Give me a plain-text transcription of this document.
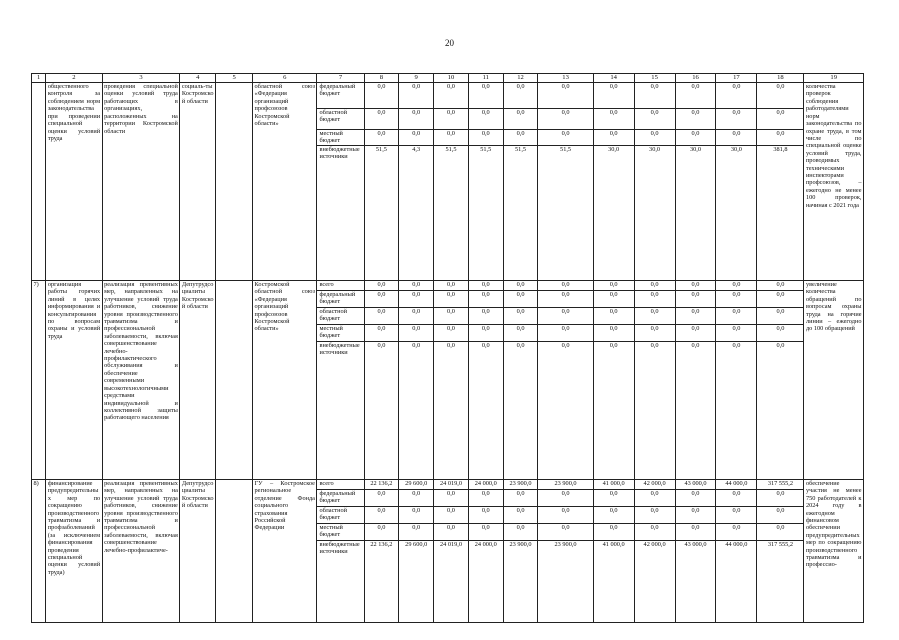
20
1	2	3	4	5	6	7	8	9	10	11	12	13	14	15	16	17	18	19
	общественного контроля за соблюдением норм законодательства при проведении специальной оценки условий труда	проведения специальной оценки условий труда работающих в организациях, расположенных на территории Костромской области	социаль-ты Костромской области		областной союз «Федерация организаций профсоюзов Костромской области»	федеральный бюджет	0,0	0,0	0,0	0,0	0,0	0,0	0,0	0,0	0,0	0,0	0,0	количества проверок соблюдения работодателями норм законодательства по охране труда, в том числе по специальной оценке условий труда, проводимых техническими инспекторами профсоюзов, – ежегодно не менее 100 проверок, начиная с 2021 года
						областной бюджет	0,0	0,0	0,0	0,0	0,0	0,0	0,0	0,0	0,0	0,0	0,0	
						местный бюджет	0,0	0,0	0,0	0,0	0,0	0,0	0,0	0,0	0,0	0,0	0,0	
						внебюджетные источники	51,5	4,3	51,5	51,5	51,5	51,5	30,0	30,0	30,0	30,0	381,8	
7)	организация работы горячих линий в целях информирования и консультирования по вопросам охраны и условий труда	реализация превентивных мер, направленных на улучшение условий труда работников, снижение уровня производственного травматизма и профессиональной заболеваемости, включая совершенствование лечебно-профилактического обслуживания и обеспечение современными высокотехнологичными средствами индивидуальной и коллективной защиты работающего населения	Депутрудсоциалиты Костромской области		Костромской областной союз «Федерация организаций профсоюзов Костромской области»	всего	0,0	0,0	0,0	0,0	0,0	0,0	0,0	0,0	0,0	0,0	0,0	увеличение количества обращений по вопросам охраны труда на горячие линии – ежегодно до 100 обращений
						федеральный бюджет	0,0	0,0	0,0	0,0	0,0	0,0	0,0	0,0	0,0	0,0	0,0	
						областной бюджет	0,0	0,0	0,0	0,0	0,0	0,0	0,0	0,0	0,0	0,0	0,0	
						местный бюджет	0,0	0,0	0,0	0,0	0,0	0,0	0,0	0,0	0,0	0,0	0,0	
						внебюджетные источники	0,0	0,0	0,0	0,0	0,0	0,0	0,0	0,0	0,0	0,0	0,0	
8)	финансирование предупредительных мер по сокращению производственного травматизма и профзаболеваний (за исключением финансирования проведения специальной оценки условий труда)	реализация превентивных мер, направленных на улучшение условий труда работников, снижение уровня производственного травматизма и профессиональной заболеваемости, включая совершенствование лечебно-профилактиче-	Депутрудсоциалиты Костромской области		ГУ – Костромское региональное отделение Фонда социального страхования Российской Федерации	всего	22 136,2	29 600,0	24 019,0	24 000,0	23 900,0	23 900,0	41 000,0	42 000,0	43 000,0	44 000,0	317 555,2	обеспечение участия не менее 750 работодателей к 2024 году в ежегодном финансовом обеспечении предупредительных мер по сокращению производственного травматизма и профессио-
						федеральный бюджет	0,0	0,0	0,0	0,0	0,0	0,0	0,0	0,0	0,0	0,0	0,0	
						областной бюджет	0,0	0,0	0,0	0,0	0,0	0,0	0,0	0,0	0,0	0,0	0,0	
						местный бюджет	0,0	0,0	0,0	0,0	0,0	0,0	0,0	0,0	0,0	0,0	0,0	
						внебюджетные источники	22 136,2	29 600,0	24 019,0	24 000,0	23 900,0	23 900,0	41 000,0	42 000,0	43 000,0	44 000,0	317 555,2	
